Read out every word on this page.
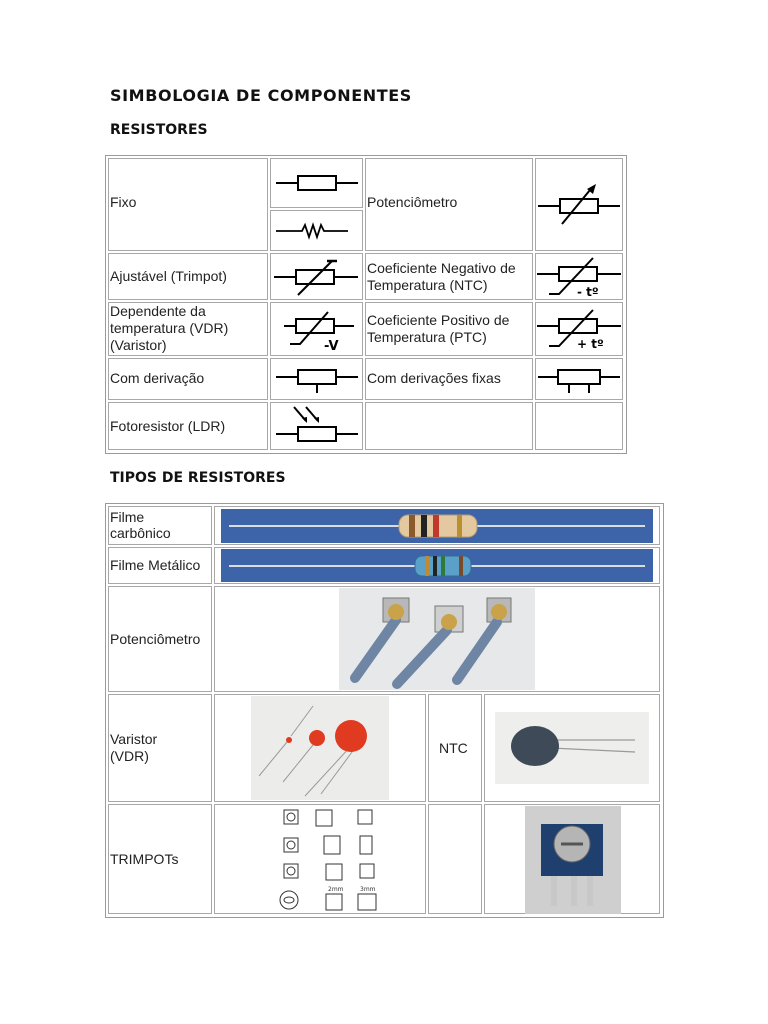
SIMBOLOGIA DE COMPONENTES
RESISTORES
Fixo
Ajustável (Trimpot)
Dependente da
temperatura (VDR)
(Varistor)
Com derivação
Fotoresistor (LDR)
Potenciômetro
Coeficiente Negativo de
Temperatura (NTC)
Coeficiente Positivo de
Temperatura (PTC)
Com derivações fixas
-V
- tº
+ tº
TIPOS DE RESISTORES
Filme
carbônico
Filme Metálico
Potenciômetro
Varistor
(VDR)	NTC
TRIMPOTs
2mm	3mm
